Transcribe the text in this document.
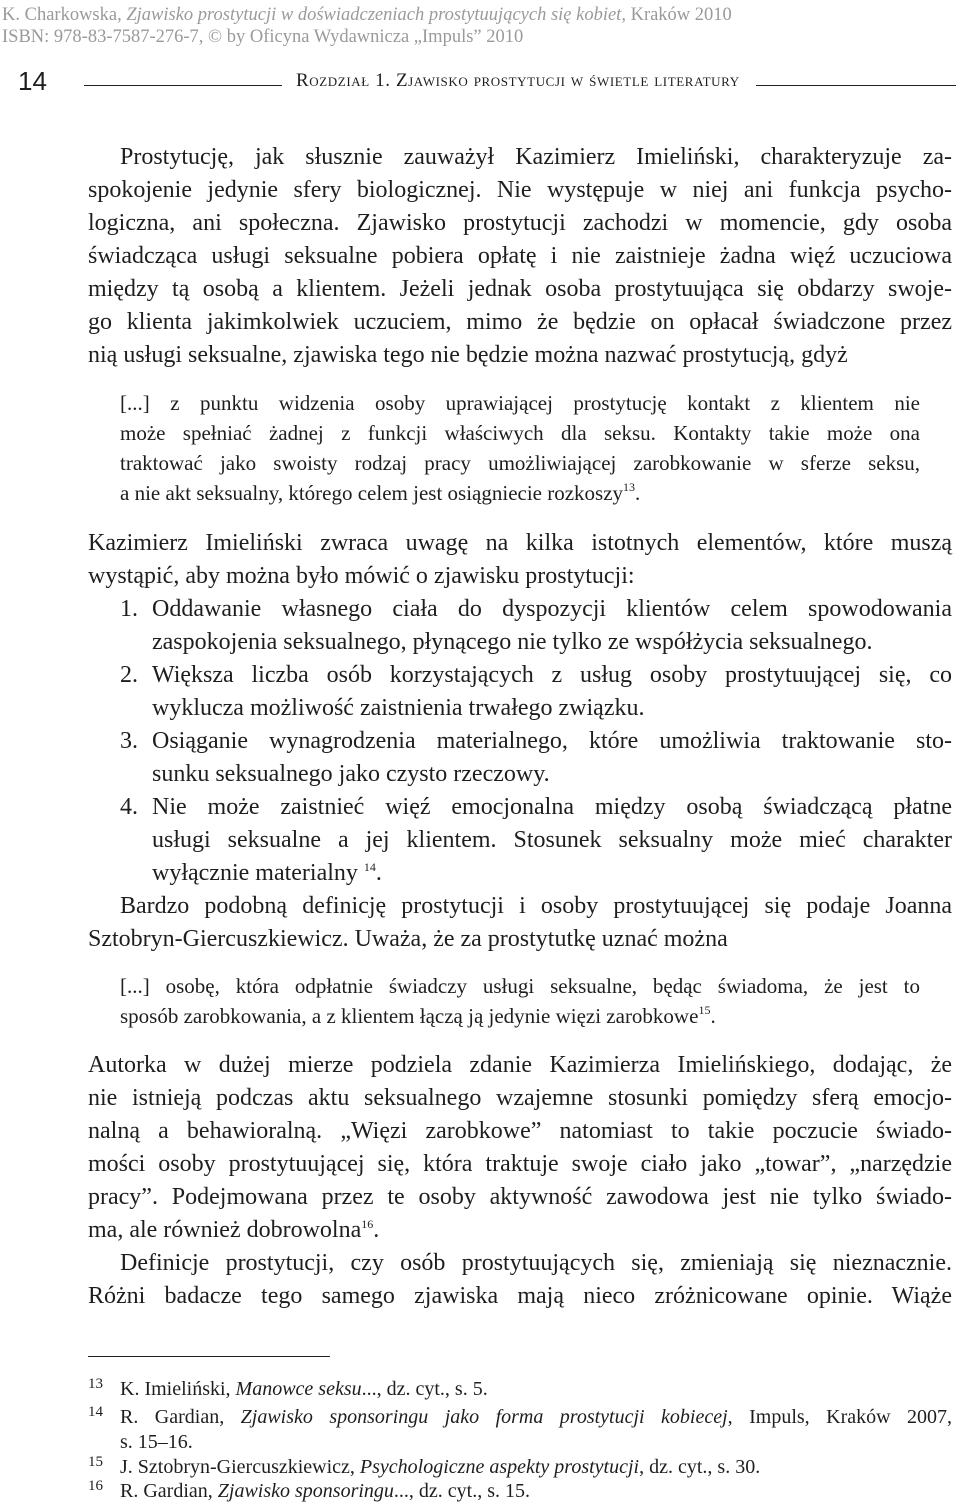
K. Charkowska, Zjawisko prostytucji w doświadczeniach prostytuujących się kobiet, Kraków 2010
ISBN: 978-83-7587-276-7, © by Oficyna Wydawnicza „Impuls” 2010
14	Rozdział 1. Zjawisko prostytucji w świetle literatury
Prostytucję, jak słusznie zauważył Kazimierz Imieliński, charakteryzuje za-
spokojenie jedynie sfery biologicznej. Nie występuje w niej ani funkcja psycho-
logiczna, ani społeczna. Zjawisko prostytucji zachodzi w momencie, gdy osoba
świadcząca usługi seksualne pobiera opłatę i nie zaistnieje żadna więź uczuciowa
między tą osobą a klientem. Jeżeli jednak osoba prostytuująca się obdarzy swoje-
go klienta jakimkolwiek uczuciem, mimo że będzie on opłacał świadczone przez
nią usługi seksualne, zjawiska tego nie będzie można nazwać prostytucją, gdyż
[...] z punktu widzenia osoby uprawiającej prostytucję kontakt z klientem nie
może spełniać żadnej z funkcji właściwych dla seksu. Kontakty takie może ona
traktować jako swoisty rodzaj pracy umożliwiającej zarobkowanie w sferze seksu,
a nie akt seksualny, którego celem jest osiągniecie rozkoszy$^{13}$.
Kazimierz Imieliński zwraca uwagę na kilka istotnych elementów, które muszą
wystąpić, aby można było mówić o zjawisku prostytucji:
1. Oddawanie własnego ciała do dyspozycji klientów celem spowodowania
zaspokojenia seksualnego, płynącego nie tylko ze współżycia seksualnego.
2. Większa liczba osób korzystających z usług osoby prostytuującej się, co
wyklucza możliwość zaistnienia trwałego związku.
3. Osiąganie wynagrodzenia materialnego, które umożliwia traktowanie sto-
sunku seksualnego jako czysto rzeczowy.
4. Nie może zaistnieć więź emocjonalna między osobą świadczącą płatne
usługi seksualne a jej klientem. Stosunek seksualny może mieć charakter
wyłącznie materialny $^{14}$.
Bardzo podobną definicję prostytucji i osoby prostytuującej się podaje Joanna
Sztobryn-Giercuszkiewicz. Uważa, że za prostytutkę uznać można
[...] osobę, która odpłatnie świadczy usługi seksualne, będąc świadoma, że jest to
sposób zarobkowania, a z klientem łączą ją jedynie więzi zarobkowe$^{15}$.
Autorka w dużej mierze podziela zdanie Kazimierza Imielińskiego, dodając, że
nie istnieją podczas aktu seksualnego wzajemne stosunki pomiędzy sferą emocjo-
nalną a behawioralną. „Więzi zarobkowe” natomiast to takie poczucie świado-
mości osoby prostytuującej się, która traktuje swoje ciało jako „towar”, „narzędzie
pracy”. Podejmowana przez te osoby aktywność zawodowa jest nie tylko świado-
ma, ale również dobrowolna$^{16}$.
Definicje prostytucji, czy osób prostytuujących się, zmieniają się nieznacznie.
Różni badacze tego samego zjawiska mają nieco zróżnicowane opinie. Wiąże
13 K. Imieliński, Manowce seksu..., dz. cyt., s. 5.
14 R. Gardian, Zjawisko sponsoringu jako forma prostytucji kobiecej, Impuls, Kraków 2007,
s. 15–16.
15 J. Sztobryn-Giercuszkiewicz, Psychologiczne aspekty prostytucji, dz. cyt., s. 30.
16 R. Gardian, Zjawisko sponsoringu..., dz. cyt., s. 15.
